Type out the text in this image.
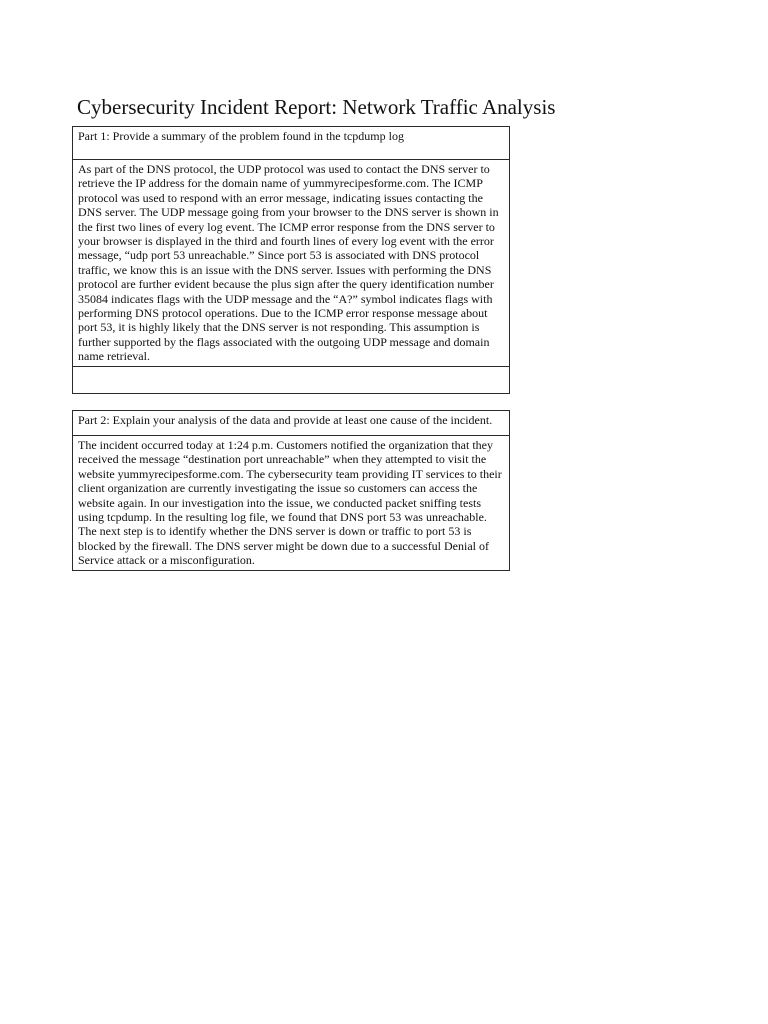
Cybersecurity Incident Report: Network Traffic Analysis

Part 1: Provide a summary of the problem found in the tcpdump log

As part of the DNS protocol, the UDP protocol was used to contact the DNS server to retrieve the IP address for the domain name of yummyrecipesforme.com. The ICMP protocol was used to respond with an error message, indicating issues contacting the DNS server. The UDP message going from your browser to the DNS server is shown in the first two lines of every log event. The ICMP error response from the DNS server to your browser is displayed in the third and fourth lines of every log event with the error message, “udp port 53 unreachable.” Since port 53 is associated with DNS protocol traffic, we know this is an issue with the DNS server. Issues with performing the DNS protocol are further evident because the plus sign after the query identification number 35084 indicates flags with the UDP message and the “A?” symbol indicates flags with performing DNS protocol operations. Due to the ICMP error response message about port 53, it is highly likely that the DNS server is not responding. This assumption is further supported by the flags associated with the outgoing UDP message and domain name retrieval.

Part 2: Explain your analysis of the data and provide at least one cause of the incident.

The incident occurred today at 1:24 p.m. Customers notified the organization that they received the message “destination port unreachable” when they attempted to visit the website yummyrecipesforme.com. The cybersecurity team providing IT services to their client organization are currently investigating the issue so customers can access the website again. In our investigation into the issue, we conducted packet sniffing tests using tcpdump. In the resulting log file, we found that DNS port 53 was unreachable. The next step is to identify whether the DNS server is down or traffic to port 53 is blocked by the firewall. The DNS server might be down due to a successful Denial of Service attack or a misconfiguration.
